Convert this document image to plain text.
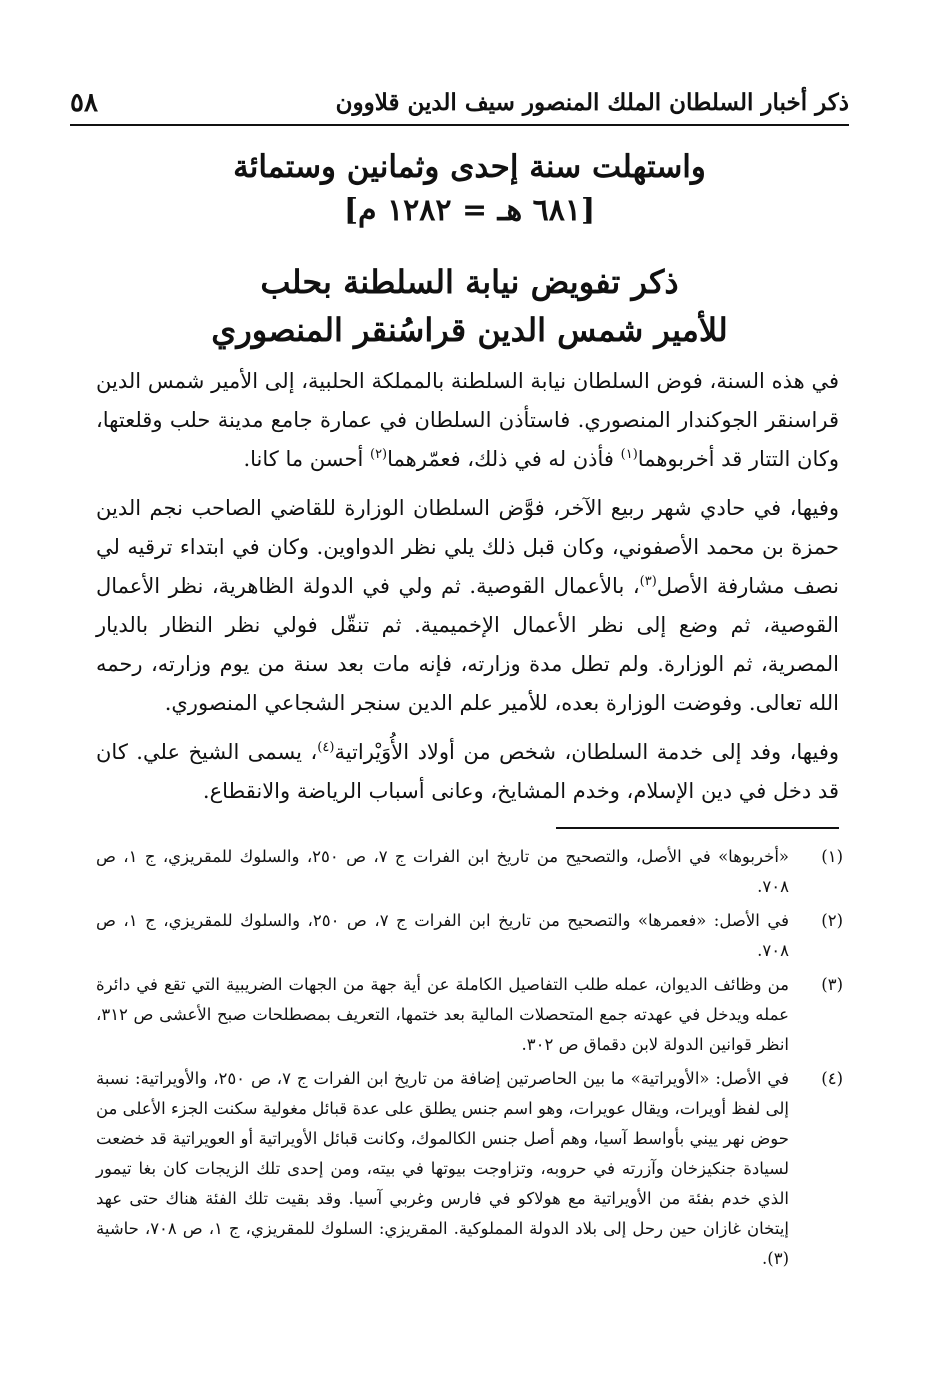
ذكر أخبار السلطان الملك المنصور سيف الدين قلاوون
٥٨
واستهلت سنة إحدى وثمانين وستمائة
[٦٨١ هـ = ١٢٨٢ م]
ذكر تفويض نيابة السلطنة بحلب
للأمير شمس الدين قراسُنقر المنصوري

في هذه السنة، فوض السلطان نيابة السلطنة بالمملكة الحلبية، إلى الأمير شمس الدين قراسنقر الجوكندار المنصوري. فاستأذن السلطان في عمارة جامع مدينة حلب وقلعتها، وكان التتار قد أخربوهما$^{(١)}$ فأذن له في ذلك، فعمّرهما$^{(٢)}$ أحسن ما كانا.

وفيها، في حادي شهر ربيع الآخر، فوَّض السلطان الوزارة للقاضي الصاحب نجم الدين حمزة بن محمد الأصفوني، وكان قبل ذلك يلي نظر الدواوين. وكان في ابتداء ترقيه لي نصف مشارفة الأصل$^{(٣)}$، بالأعمال القوصية. ثم ولي في الدولة الظاهرية، نظر الأعمال القوصية، ثم وضع إلى نظر الأعمال الإخميمية. ثم تنقّل فولي نظر النظار بالديار المصرية، ثم الوزارة. ولم تطل مدة وزارته، فإنه مات بعد سنة من يوم وزارته، رحمه الله تعالى. وفوضت الوزارة بعده، للأمير علم الدين سنجر الشجاعي المنصوري.

وفيها، وفد إلى خدمة السلطان، شخص من أولاد الأُوَيْراتية$^{(٤)}$، يسمى الشيخ علي. كان قد دخل في دين الإسلام، وخدم المشايخ، وعانى أسباب الرياضة والانقطاع.

(١)
«أخربوها» في الأصل، والتصحيح من تاريخ ابن الفرات ج ٧، ص ٢٥٠، والسلوك للمقريزي، ج ١، ص ٧٠٨.
(٢)
في الأصل: «فعمرها» والتصحيح من تاريخ ابن الفرات ج ٧، ص ٢٥٠، والسلوك للمقريزي، ج ١، ص ٧٠٨.
(٣)
من وظائف الديوان، عمله طلب التفاصيل الكاملة عن أية جهة من الجهات الضريبية التي تقع في دائرة عمله ويدخل في عهدته جمع المتحصلات المالية بعد ختمها، التعريف بمصطلحات صبح الأعشى ص ٣١٢، انظر قوانين الدولة لابن دقماق ص ٣٠٢.
(٤)
في الأصل: «الأويراتية» ما بين الحاصرتين إضافة من تاريخ ابن الفرات ج ٧، ص ٢٥٠، والأويراتية: نسبة إلى لفظ أويرات، ويقال عويرات، وهو اسم جنس يطلق على عدة قبائل مغولية سكنت الجزء الأعلى من حوض نهر ييني بأواسط آسيا، وهم أصل جنس الكالموك، وكانت قبائل الأويراتية أو العويراتية قد خضعت لسيادة جنكيزخان وآزرته في حروبه، وتزاوجت بيوتها في بيته، ومن إحدى تلك الزيجات كان بغا تيمور الذي خدم بفئة من الأويراتية مع هولاكو في فارس وغربي آسيا. وقد بقيت تلك الفئة هناك حتى عهد إيتخان غازان حين رحل إلى بلاد الدولة المملوكية. المقريزي: السلوك للمقريزي، ج ١، ص ٧٠٨، حاشية (٣).
